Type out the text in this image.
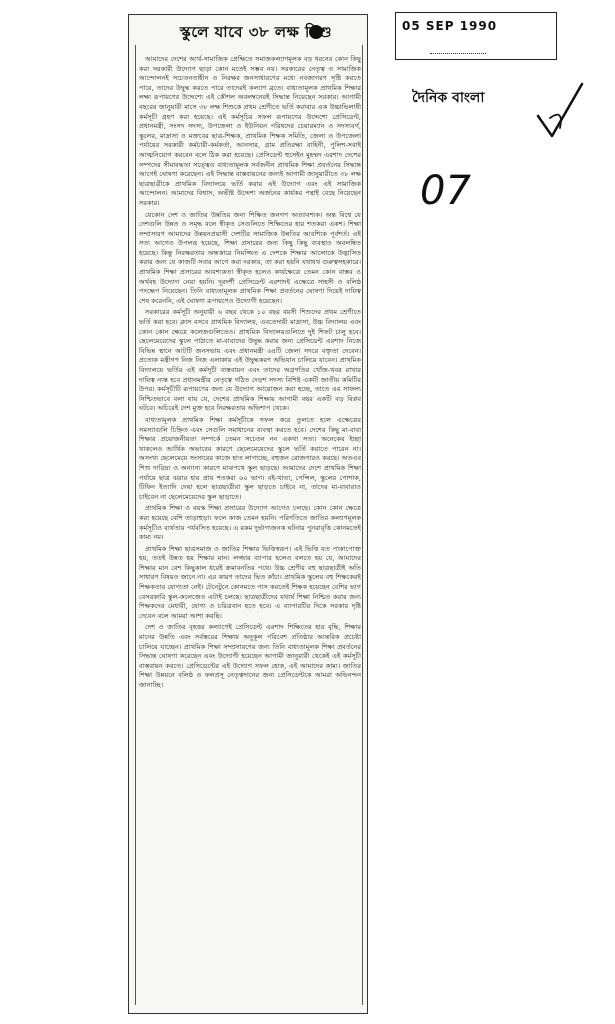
স্কুলে যাবে ৩৮ লক্ষ শিশু

আমাদের দেশের আর্থ-সামাজিক প্রেক্ষিতে সমাজকল্যাণমূলক বড় ধরনের কোন কিছু করা সরকারী উদ্যোগ ছাড়া কোন মতেই সম্ভব নয়। সরকারের নেতৃত্ব ও সামাজিক আন্দোলনই সচেতনতাহীন ও নিরক্ষর জনসাধারণের মধ্যে নবজাগরণ সৃষ্টি করতে পারে, তাদের উদ্বুদ্ধ করতে পারে তাদেরই কল্যাণ ব্রতে। বাধ্যতামূলক প্রাথমিক শিক্ষার লক্ষ্য রূপায়ণের উদ্দেশ্যে এই কৌশল অবলম্বনেরই সিদ্ধান্ত নিয়েছেন সরকার। আগামী বছরের জানুয়ারী মাসে ৩৮ লক্ষ শিশুকে প্রথম শ্রেণীতে ভর্তি করাবার এক উচ্চাভিলাষী কর্মসূচী গ্রহণ করা হয়েছে। এই কর্মসূচির সফল রূপায়ণের উদ্দেশ্যে প্রেসিডেন্ট, প্রধানমন্ত্রী, সংসদ সদস্য, উপজেলা ও ইউনিয়ন পরিষদের চেয়ারম্যান ও সদস্যবর্গ, স্কুলের, মাদ্রাসা ও মক্তবের ছাত্র-শিক্ষক, প্রাথমিক শিক্ষক সমিতি, জেলা ও উপজেলা পর্যায়ের সরকারী কর্মচারী-কর্মকর্তা, আনসার, গ্রাম প্রতিরক্ষা বাহিনী, পুলিশ-সবাই আত্মনিয়োগ করবেন বলে ঠিক করা হয়েছে। প্রেসিডেন্ট হুসেইন মুহম্মদ এরশাদ দেশের সম্পদের সীমাবদ্ধতা সত্ত্বেও বাধ্যতামূলক সর্বজনীন প্রাথমিক শিক্ষা প্রবর্তনের সিদ্ধান্ত আগেই ঘোষণা করেছেন। এই সিদ্ধান্ত বাস্তবায়নের জন্যই আগামী জানুয়ারীতে ৩৮ লক্ষ ছাত্রছাত্রীকে প্রাথমিক বিদ্যালয়ে ভর্তি করার এই উদ্যোগ এবং এই সামাজিক আন্দোলন। আমাদের বিশ্বাস, অভীষ্ট উদ্দেশ্য অর্জনের কার্যকর পন্থাই বেছে নিয়েছেন সরকার।

যেকোন দেশ ও জাতির উন্নতির জন্য শিক্ষিত জনগণ অত্যাবশ্যক। অন্ত বিশ্বে যে দেশগুলি উন্নত ও সমৃদ্ধ বলে স্বীকৃত সেগুলিতে শিক্ষিতের হার শতকরা একশ। শিক্ষা সম্প্রসারণ আমাদের উন্নয়নপ্রয়াসী দেশটির সামাজিক উন্নতির আবশ্যিক পূর্বশর্ত। এই সত্য আগেও উপলব্ধ হয়েছে, শিক্ষা প্রসারের জন্য কিছু কিছু ব্যবস্থাও অবলম্বিত হয়েছে। কিন্তু নিরক্ষরতার অন্ধকারে নিমজ্জিত এ দেশকে শিক্ষার আলোকে উদ্ভাসিত করার জন্য যে কাজটি সবার আগে করা দরকার, তা করা হয়নি যথাযথ গুরুত্বসহকারে। প্রাথমিক শিক্ষা প্রসারের আবশ্যকতা স্বীকৃত হলেও কার্যক্ষেত্রে তেমন কোন বাস্তব ও অর্থবহ উদ্যোগ নেয়া হয়নি। দূরদর্শী প্রেসিডেন্ট এরশাদই এক্ষেত্রে সাহসী ও বলিষ্ঠ পদক্ষেপ নিয়েছেন। তিনি বাধ্যতামূলক প্রাথমিক শিক্ষা প্রবর্তনের ঘোষণা দিয়েই দায়িত্ব শেষ করেননি, এই ঘোষণা রূপায়ণেও উদ্যোগী হয়েছেন।

সরকারের কর্মসূচী অনুযায়ী ৬ বছর থেকে ১০ বছর বয়সী শিশুদের প্রথম শ্রেণীতে ভর্তি করা হবে। ক্লাস বসবে প্রাথমিক বিদ্যালয়, এবতেদায়ী মাদ্রাসা, উচ্চ বিদ্যালয় এবং কোন কোন ক্ষেত্রে কলেজগুলিতেও। প্রাথমিক বিদ্যালয়গুলিতে দুই শিফট চালু হবে। ছেলেমেয়েদের স্কুলে পাঠাতে মা-বাবাদের উদ্বুদ্ধ করার জন্য প্রেসিডেন্ট এরশাদ নিজে বিভিন্ন স্থানে আটটি জনসভায় এবং প্রধানমন্ত্রী ৬৪টি জেলা সদরে বক্তৃতা দেবেন। প্রত্যেক মন্ত্রীগণ নিজ নিজ এলাকায় এই উদ্বুদ্ধকরণ অভিযান চালিয়ে যাবেন। প্রাথমিক বিদ্যালয়ে ভর্তির এই কর্মসূচী বাস্তবায়ন এবং তাদের অগ্রগতির খোঁজ-খবর রাখার দায়িত্ব ন্যস্ত হবে প্রধানমন্ত্রীর নেতৃত্বে গঠিত দেড়শ সদস্য বিশিষ্ট একটি জাতীয় কমিটির উপর। কর্মসূচীটি রূপায়ণের জন্য যে উদ্যোগ আয়োজন করা হচ্ছে, তাতে এর সাফল্য নিশ্চিতভাবে বলা যায় যে, দেশের প্রাথমিক শিক্ষায় আগামী বছর একটি বড় বিপ্লব ঘটবে। অচিরেই দেশ মুক্ত হবে নিরক্ষরতার অভিশাপ থেকে।

বাধ্যতামূলক প্রাথমিক শিক্ষা কর্মসূচীকে সফল করে তুলতে হলে এক্ষেত্রের সমস্যাগুলি চিহ্নিত এবং সেগুলি সমাধানের ব্যবস্থা করতে হবে। দেশের কিছু মা-বাবা শিক্ষার প্রয়োজনীয়তা সম্পর্কে তেমন সচেতন নন একথা সত্য। অনেকের ইচ্ছা থাকলেও আর্থিক অভাবের কারণে ছেলেমেয়েদের স্কুলে ভর্তি করাতে পারেন না। অসংখ্য ছেলেমেয়ে সংসারের কাজে হাত লাগাচ্ছে, বহুজন রোজগারও করছে। অতএব শিশু দারিদ্র্য ও অন্যান্য কারণে মাঝপথে স্কুল ছাড়ছে। আমাদের দেশে প্রাথমিক শিক্ষা পর্যায়ে ছাত্র ঝরার হার প্রায় শতকরা ৬০ ভাগ। বই-খাতা, পেন্সিল, স্কুলের পোশাক, টিফিন ইত্যাদি দেয়া হলে ছাত্রছাত্রীরা স্কুল ছাড়তে চাইবে না, তাদের মা-বাবারাও চাইবেন না ছেলেমেয়েদের স্কুল ছাড়াতে।

প্রাথমিক শিক্ষা ও বয়স্ক শিক্ষা প্রসারের উদ্যোগ আগেও চলছে। কোন কোন ক্ষেত্রে করা হয়েছে বেশি তাড়াহুড়া। ফলে কাজ তেমন হয়নি। পরিণতিতে জাতির কল্যাণমূলক কর্মসূচীও ব্যর্থতায় পর্যবসিত হয়েছে। এ রকম দুর্ভাগ্যজনক ঘটনার পুনরাবৃত্তি কোনমতেই কাম্য নয়।

প্রাথমিক শিক্ষা ছাত্রসমাজ ও জাতির শিক্ষার ভিত্তিস্বরূপ। এই ভিত্তি যত পাকাপোক্ত হয়, ততই উন্নত হয় শিক্ষার মান। লজ্জার ব্যাপার হলেও বলতে হয় যে, আমাদের শিক্ষার মান বেশ কিছুকাল ধরেই ক্রমাবনতির পথে। উচ্চ শ্রেণীর বহু ছাত্রছাত্রীই অতি সাধারণ বিষয়ও জানে না। এর কারণ তাদের ভিত কাঁচা। প্রাথমিক স্কুলের বহু শিক্ষকেরই শিক্ষকতার যোগ্যতা নেই। টেনেটুনে কোনমতে পাস করতেই শিক্ষক হয়েছেন বেশির ভাগ বেসরকারি স্কুল-কলেজেও এটাই চলছে। ছাত্রছাত্রীদের যথার্থ শিক্ষা নিশ্চিত করার জন্য শিক্ষকদের মেধাবী, যোগ্য ও চরিত্রবান হতে হবে। এ ব্যাপারটির দিকে সরকার দৃষ্টি দেবেন বলে আমরা আশা করছি।

দেশ ও জাতির বৃহত্তর কল্যাণেই প্রেসিডেন্ট এরশাদ শিক্ষিতের হার বৃদ্ধি, শিক্ষার মানের উন্নতি এবং সর্বস্তরের শিক্ষায় অনুকূল পরিবেশ প্রতিষ্ঠার আন্তরিক প্রচেষ্টা চালিয়ে যাচ্ছেন। প্রাথমিক শিক্ষা সম্প্রসারণের জন্য তিনি বাধ্যতামূলক শিক্ষা প্রবর্তনের সিদ্ধান্ত ঘোষণা করেছেন এবং উদ্যোগী হয়েছেন আগামী জানুয়ারী থেকেই এই কর্মসূচী বাস্তবায়ন করতে। প্রেসিডেন্টের এই উদ্যোগ সফল হোক, এই আমাদের কাম্য। জাতির শিক্ষা উন্নয়নে বলিষ্ঠ ও ফলপ্রসূ নেতৃত্বদানের জন্য প্রেসিডেন্টকে আমরা অভিনন্দন জানাচ্ছি।

05 SEP 1990
দৈনিক বাংলা
07
